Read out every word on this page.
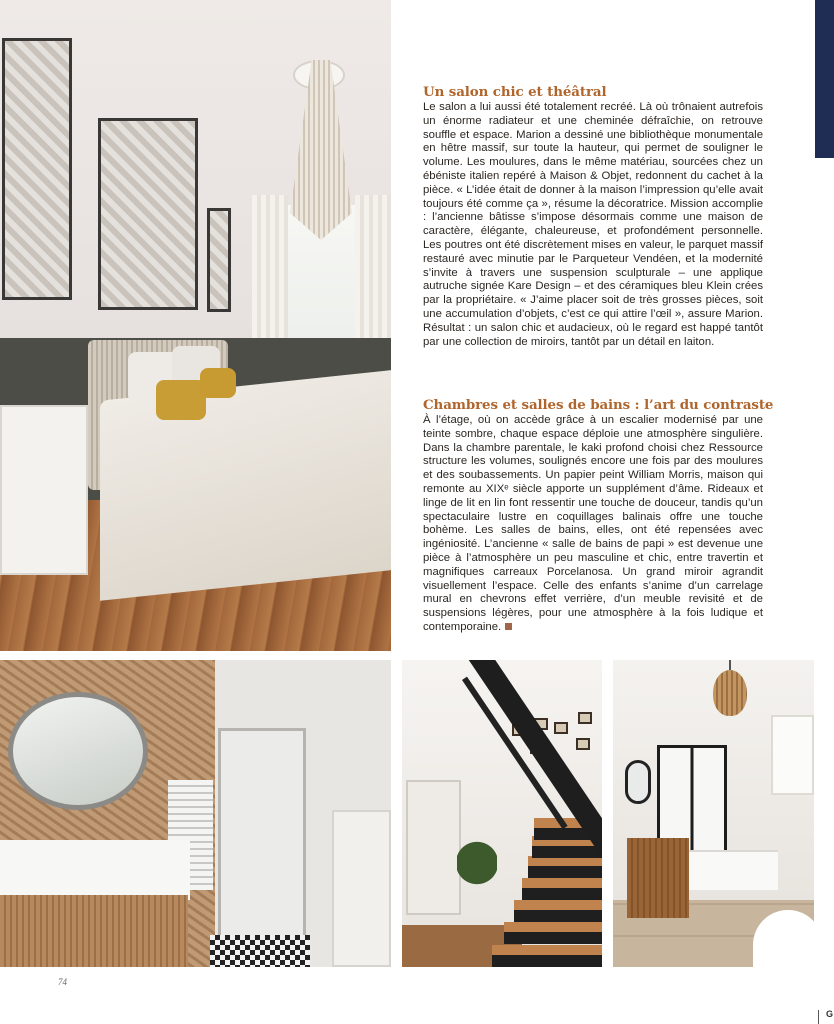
Un salon chic et théâtral

Le salon a lui aussi été totalement recréé. Là où trônaient autrefois un énorme radiateur et une cheminée défraîchie, on retrouve souffle et espace. Marion a dessiné une bibliothèque monumentale en hêtre massif, sur toute la hauteur, qui permet de souligner le volume. Les moulures, dans le même matériau, sourcées chez un ébéniste italien repéré à Maison & Objet, redonnent du cachet à la pièce. « L’idée était de donner à la maison l’impression qu’elle avait toujours été comme ça », résume la décoratrice. Mission accomplie : l’ancienne bâtisse s’impose désormais comme une maison de caractère, élégante, chaleureuse, et profondément personnelle. Les poutres ont été discrètement mises en valeur, le parquet massif restauré avec minutie par le Parqueteur Vendéen, et la modernité s’invite à travers une suspension sculpturale – une applique autruche signée Kare Design – et des céramiques bleu Klein crées par la propriétaire. « J’aime placer soit de très grosses pièces, soit une accumulation d’objets, c’est ce qui attire l’œil », assure Marion. Résultat : un salon chic et audacieux, où le regard est happé tantôt par une collection de miroirs, tantôt par un détail en laiton.

Chambres et salles de bains : l’art du contraste

À l’étage, où on accède grâce à un escalier modernisé par une teinte sombre, chaque espace déploie une atmosphère singulière. Dans la chambre parentale, le kaki profond choisi chez Ressource structure les volumes, soulignés encore une fois par des moulures et des soubassements. Un papier peint William Morris, maison qui remonte au XIXᵉ siècle apporte un supplément d’âme. Rideaux et linge de lit en lin font ressentir une touche de douceur, tandis qu’un spectaculaire lustre en coquillages balinais offre une touche bohème. Les salles de bains, elles, ont été repensées avec ingéniosité. L’ancienne « salle de bains de papi » est devenue une pièce à l’atmosphère un peu masculine et chic, entre travertin et magnifiques carreaux Porcelanosa. Un grand miroir agrandit visuellement l’espace. Celle des enfants s’anime d’un carrelage mural en chevrons effet verrière, d’un meuble revisité et de suspensions légères, pour une atmosphère à la fois ludique et contemporaine.

74
G
